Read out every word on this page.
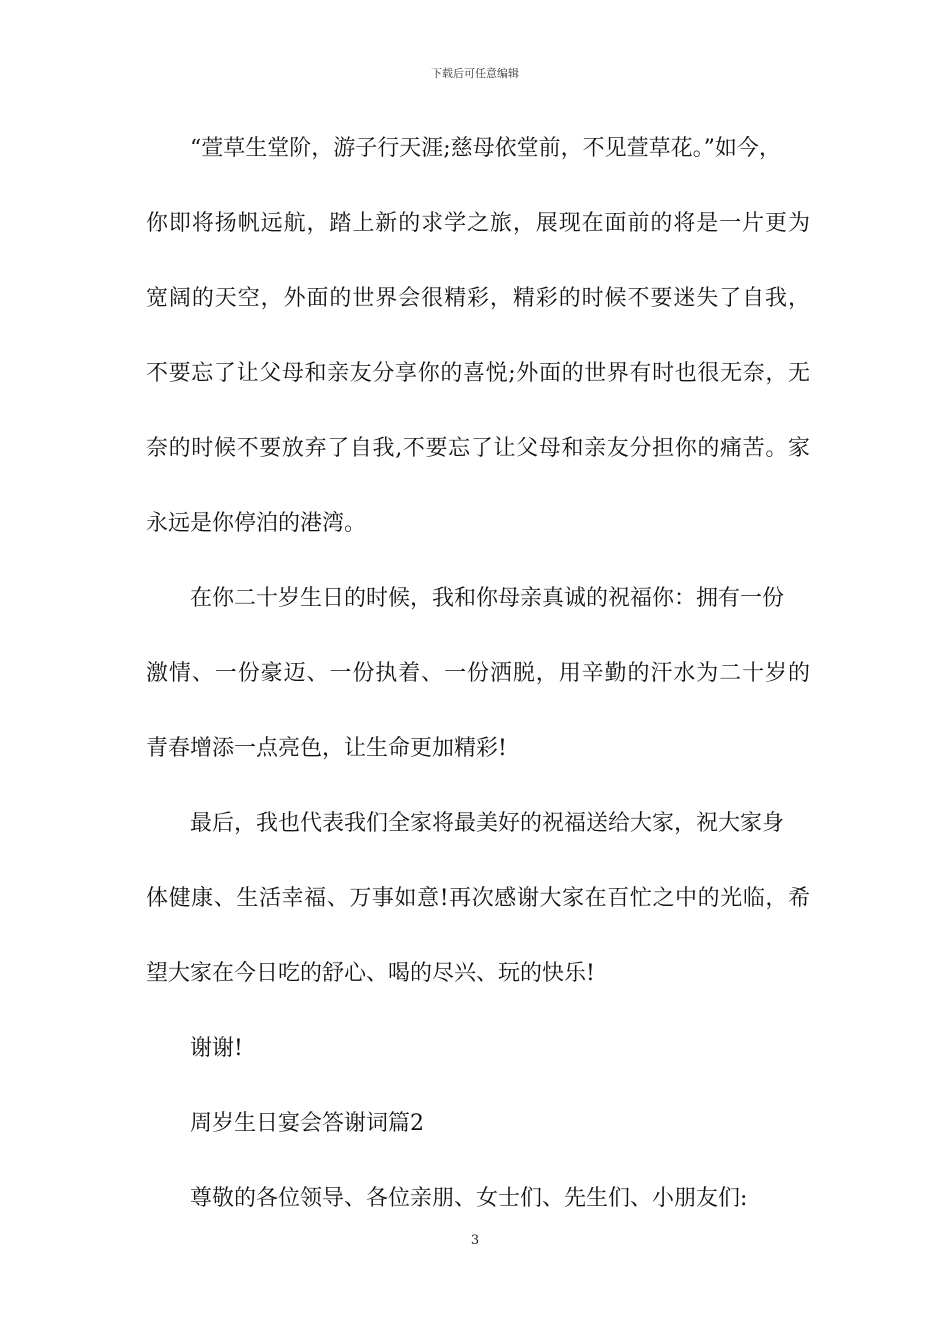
下载后可任意编辑
“萱草生堂阶，游子行天涯;慈母依堂前，不见萱草花。”如今，
你即将扬帆远航，踏上新的求学之旅，展现在面前的将是一片更为
宽阔的天空，外面的世界会很精彩，精彩的时候不要迷失了自我，
不要忘了让父母和亲友分享你的喜悦;外面的世界有时也很无奈，无
奈的时候不要放弃了自我,不要忘了让父母和亲友分担你的痛苦。家
永远是你停泊的港湾。
在你二十岁生日的时候，我和你母亲真诚的祝福你：拥有一份
激情、一份豪迈、一份执着、一份洒脱，用辛勤的汗水为二十岁的
青春增添一点亮色，让生命更加精彩!
最后，我也代表我们全家将最美好的祝福送给大家，祝大家身
体健康、生活幸福、万事如意!再次感谢大家在百忙之中的光临，希
望大家在今日吃的舒心、喝的尽兴、玩的快乐!
谢谢!
周岁生日宴会答谢词篇2
尊敬的各位领导、各位亲朋、女士们、先生们、小朋友们:
3
